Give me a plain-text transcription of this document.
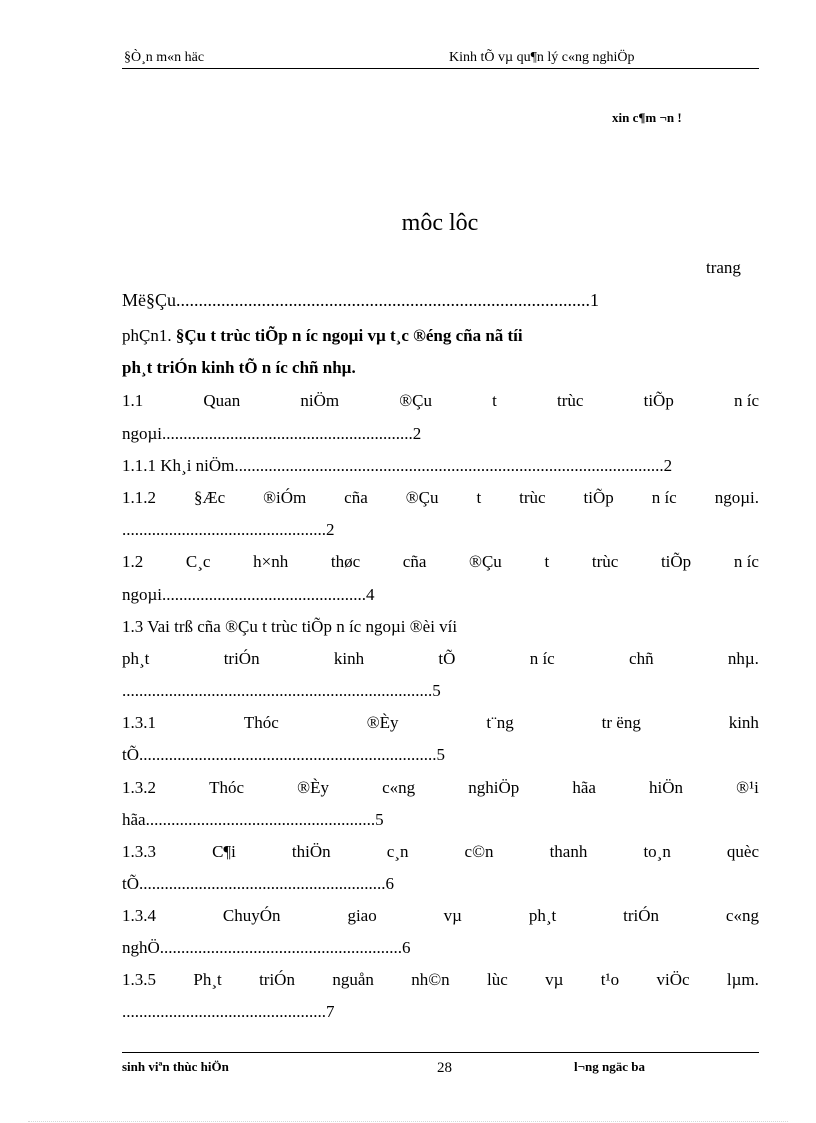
§Ò¸n m«n häc	Kinh tÕ vµ qu¶n lý c«ng nghiÖp
xin c¶m ¬n !
môc lôc
trang
Më§Çu............................................................................................1
phÇn1. §Çu t trùc tiÕp n íc ngoµi vµ t¸c ®éng cña nã tíi
ph¸t triÓn kinh tÕ n íc chñ nhµ.
1.1	Quan	niÖm	®Çu	t	trùc	tiÕp	n íc
ngoµi...........................................................2
1.1.1 Kh¸i niÖm.....................................................................................................2
1.1.2 §Æc ®iÓm cña ®Çu t trùc tiÕp n íc ngoµi.
................................................2
1.2	C¸c	h×nh	thøc	cña	®Çu	t	trùc	tiÕp	n íc
ngoµi................................................4
1.3 Vai trß cña ®Çu t trùc tiÕp n íc ngoµi ®èi víi
ph¸t	triÓn	kinh	tÕ	n íc	chñ	nhµ.
.........................................................................5
1.3.1	Thóc	®Èy	t¨ng	tr ëng	kinh
tÕ......................................................................5
1.3.2	Thóc	®Èy	c«ng	nghiÖp	hãa	hiÖn	®¹i
hãa......................................................5
1.3.3	C¶i	thiÖn	c¸n	c©n	thanh	to¸n	quèc
tÕ..........................................................6
1.3.4	ChuyÓn	giao	vµ	ph¸t	triÓn	c«ng
nghÖ.........................................................6
1.3.5 Ph¸t triÓn nguån nh©n lùc vµ t¹o viÖc lµm.
................................................7
sinh viªn thùc hiÖn	28	l¬ng ngäc ba
